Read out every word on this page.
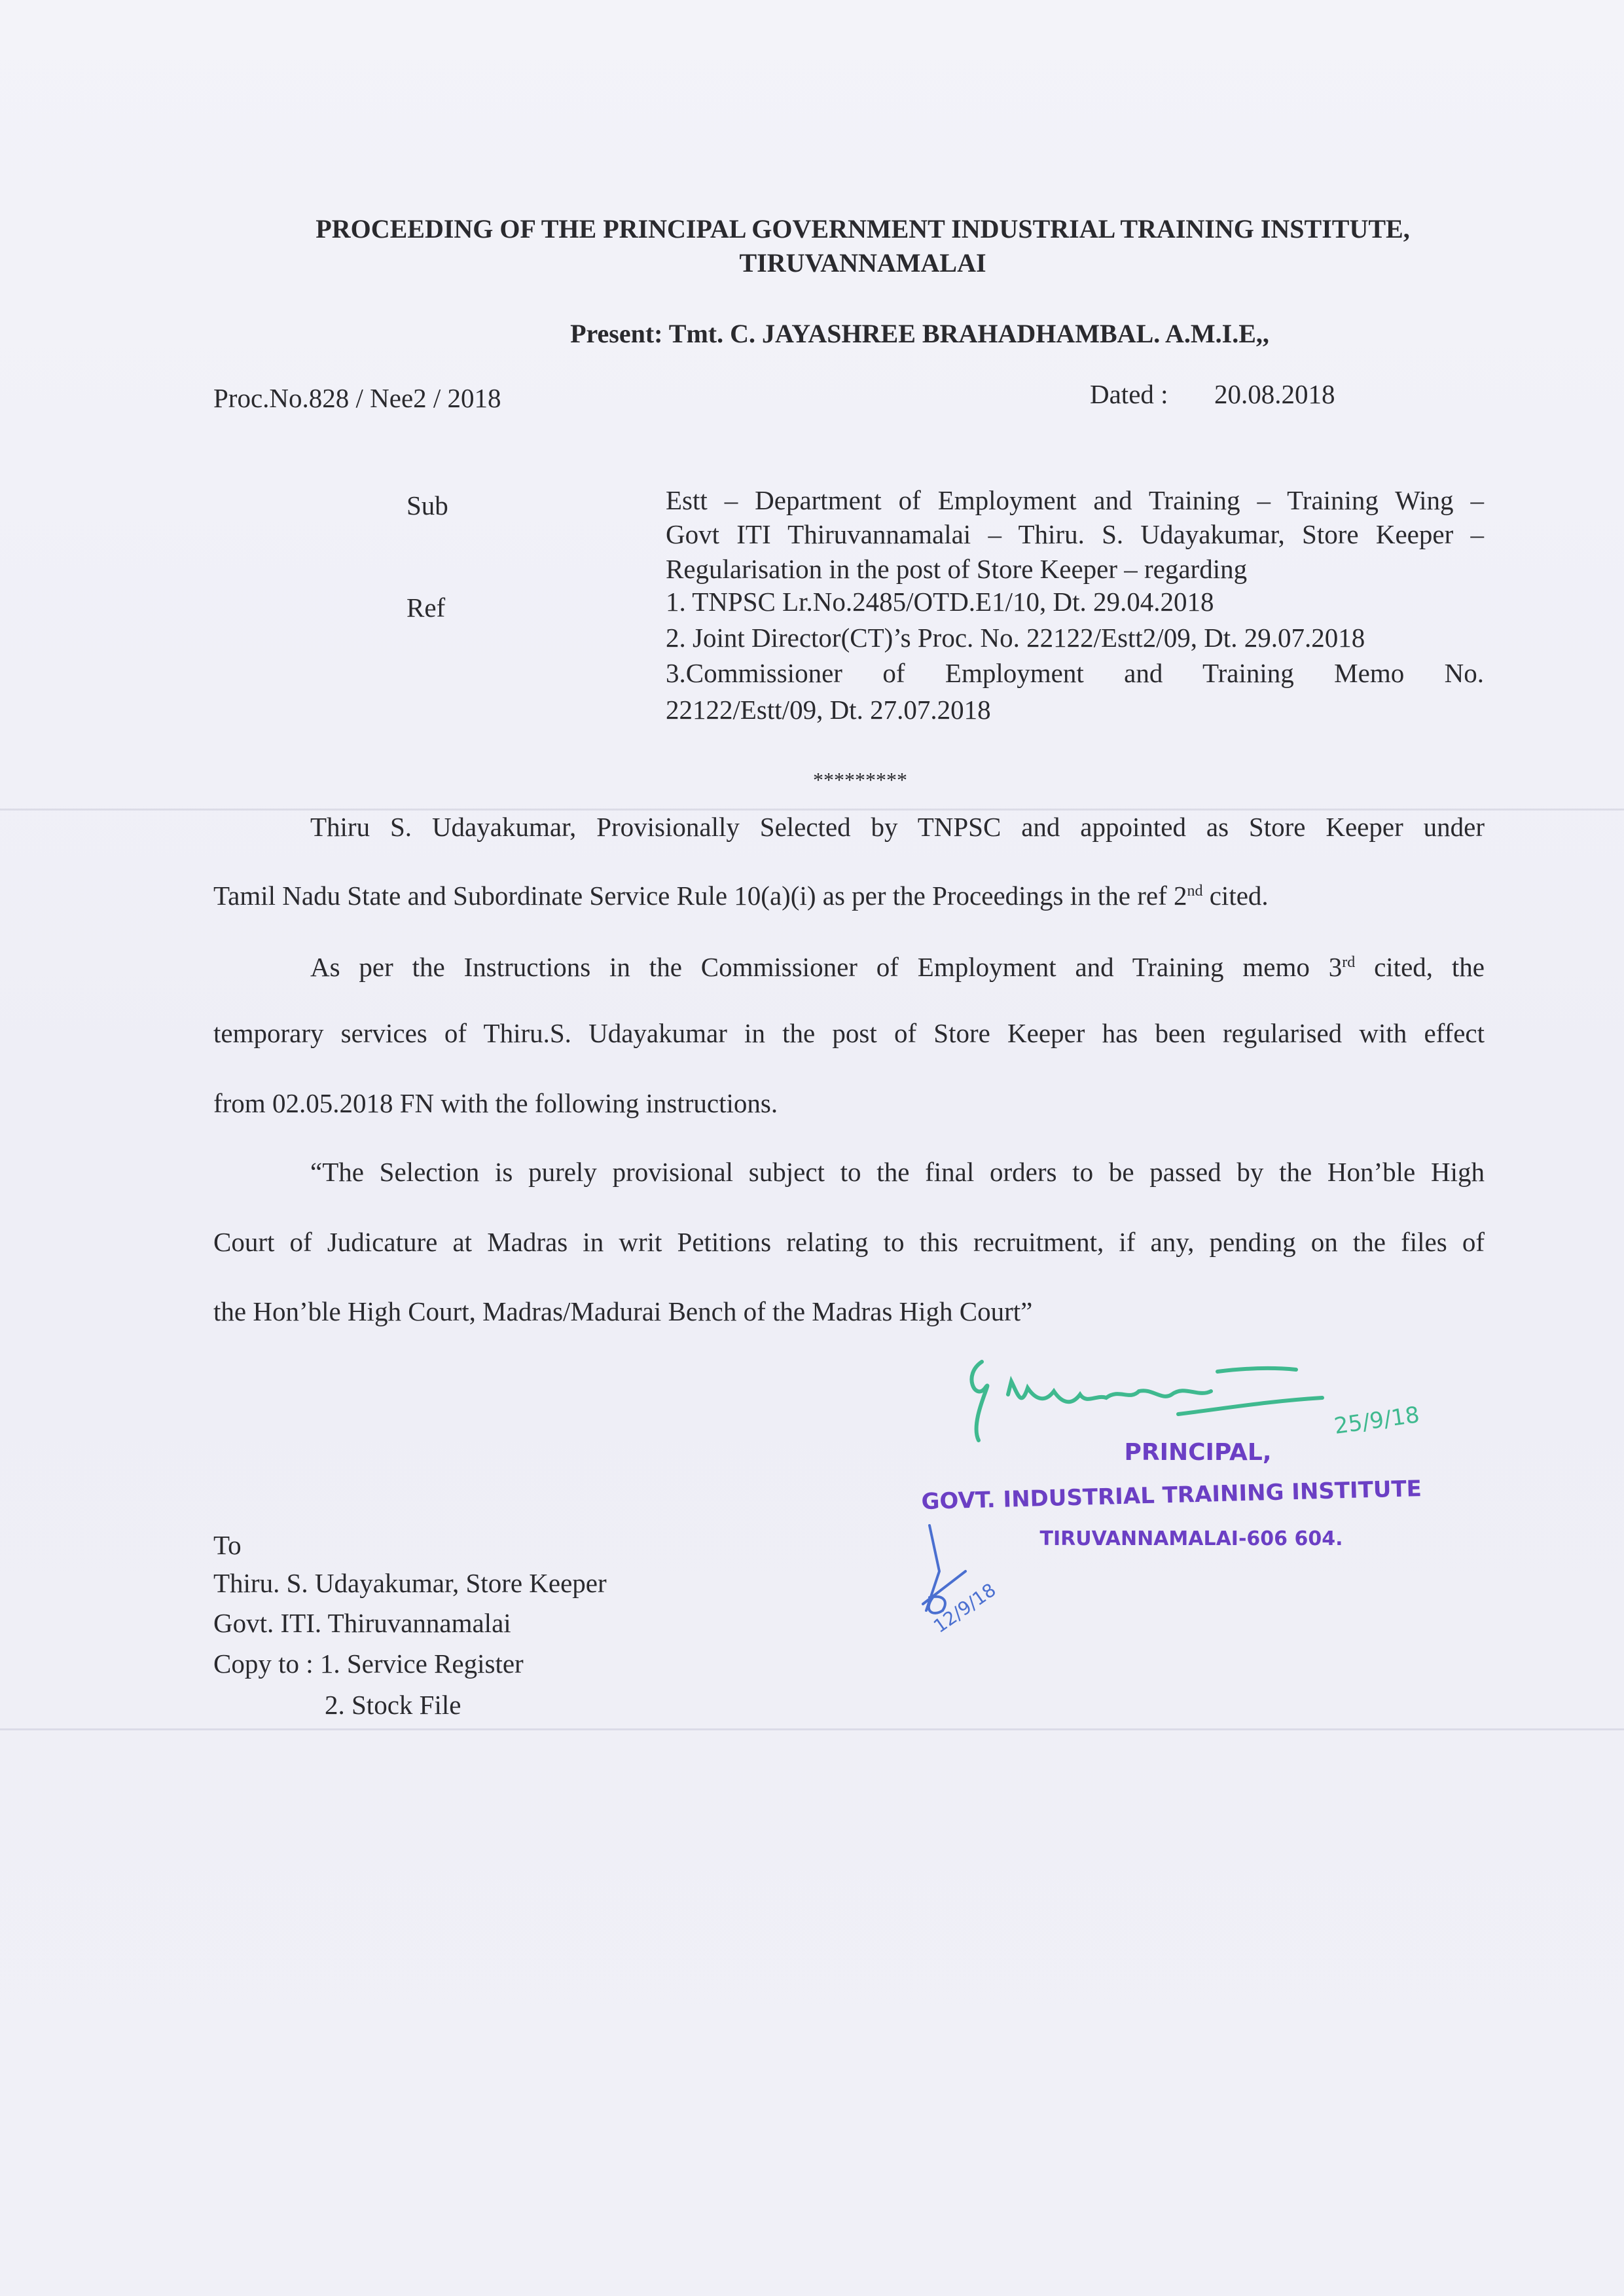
PROCEEDING OF THE PRINCIPAL GOVERNMENT INDUSTRIAL TRAINING INSTITUTE,
TIRUVANNAMALAI
Present: Tmt. C. JAYASHREE BRAHADHAMBAL. A.M.I.E,,
Proc.No.828 / Nee2 / 2018	Dated : 20.08.2018
Sub	Estt – Department of Employment and Training – Training Wing –
Govt ITI Thiruvannamalai – Thiru. S. Udayakumar, Store Keeper –
Regularisation in the post of Store Keeper – regarding
Ref	1. TNPSC Lr.No.2485/OTD.E1/10, Dt. 29.04.2018
2. Joint Director(CT)’s Proc. No. 22122/Estt2/09, Dt. 29.07.2018
3.Commissioner of Employment and Training Memo No.
22122/Estt/09, Dt. 27.07.2018
*********
Thiru S. Udayakumar, Provisionally Selected by TNPSC and appointed as Store Keeper under
Tamil Nadu State and Subordinate Service Rule 10(a)(i) as per the Proceedings in the ref 2nd cited.
As per the Instructions in the Commissioner of Employment and Training memo 3rd cited, the
temporary services of Thiru.S. Udayakumar in the post of Store Keeper has been regularised with effect
from 02.05.2018 FN with the following instructions.
“The Selection is purely provisional subject to the final orders to be passed by the Hon’ble High
Court of Judicature at Madras in writ Petitions relating to this recruitment, if any, pending on the files of
the Hon’ble High Court, Madras/Madurai Bench of the Madras High Court”
25/9/18
PRINCIPAL,
GOVT. INDUSTRIAL TRAINING INSTITUTE
TIRUVANNAMALAI-606 604.
12/9/18
To
Thiru. S. Udayakumar, Store Keeper
Govt. ITI. Thiruvannamalai
Copy to : 1. Service Register
2. Stock File
